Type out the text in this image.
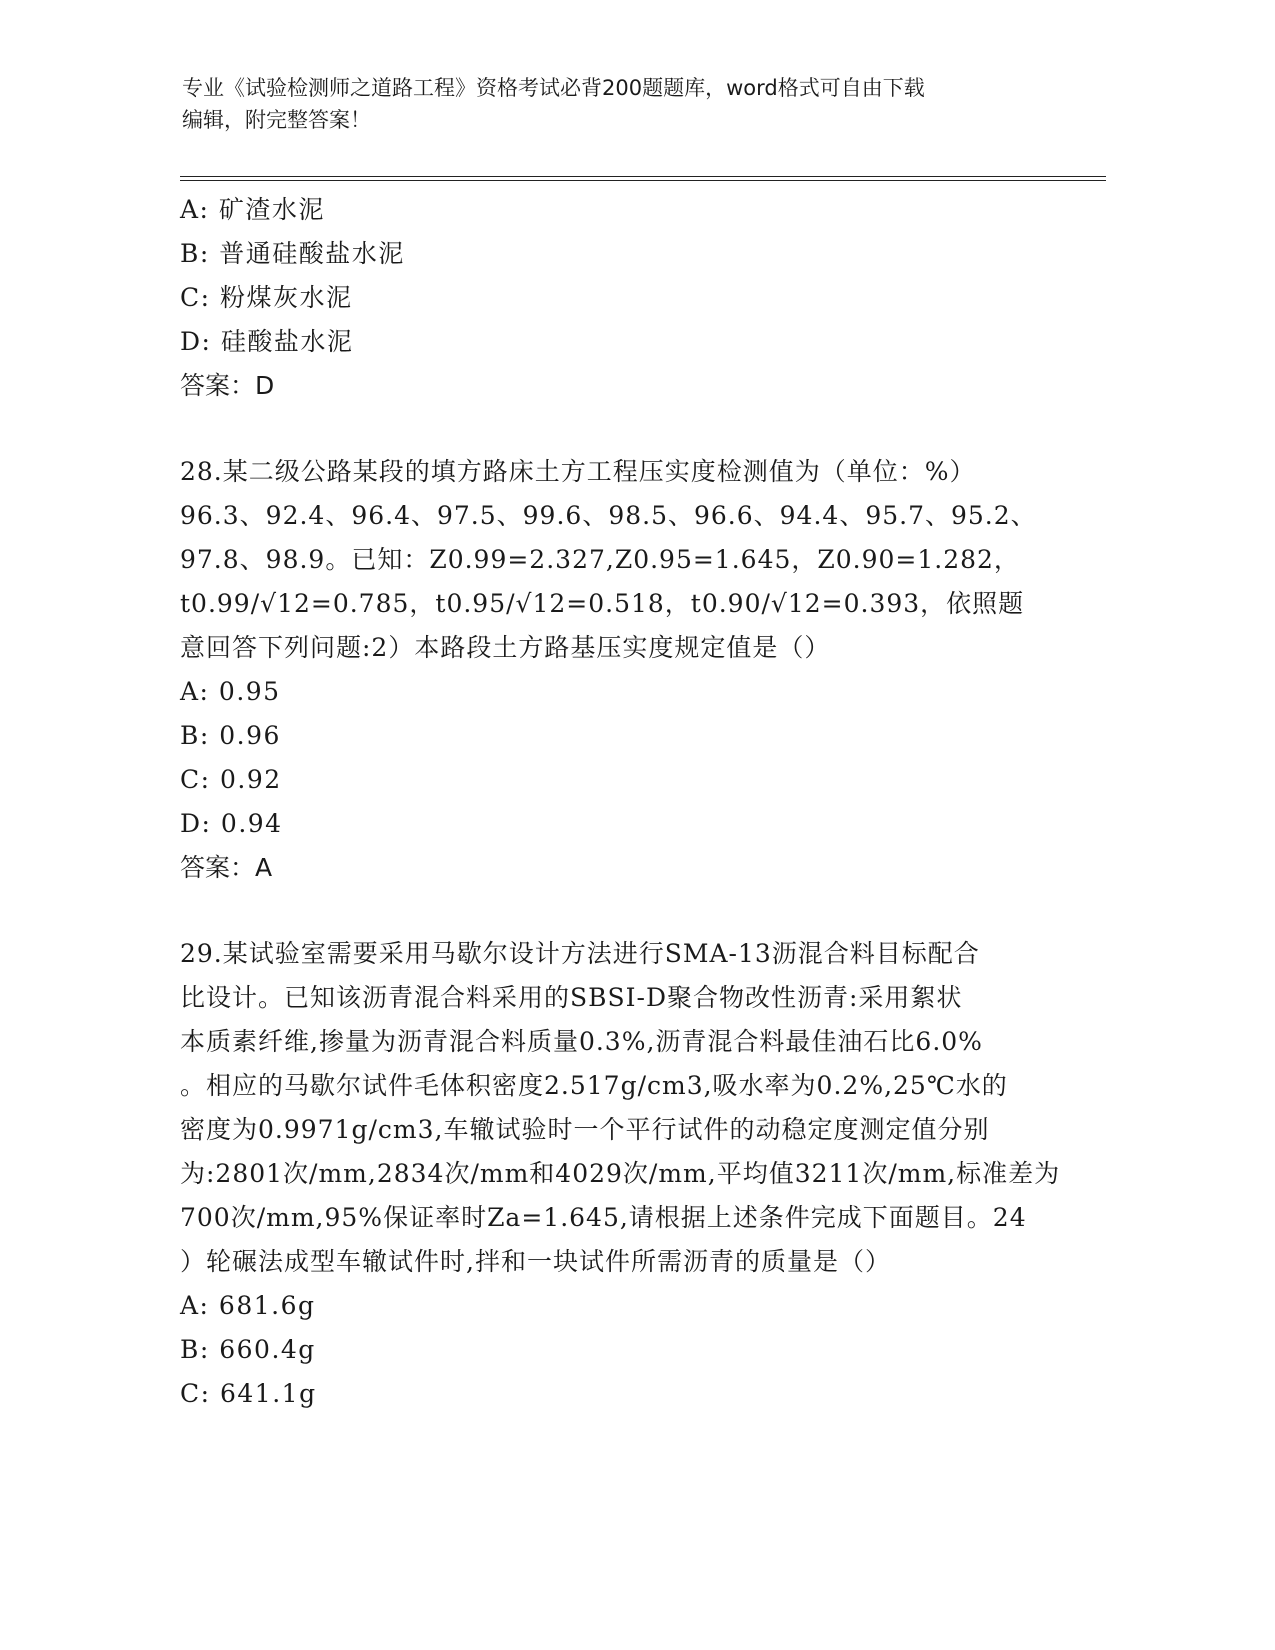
专业《试验检测师之道路工程》资格考试必背200题题库，word格式可自由下载
编辑，附完整答案！
A: 矿渣水泥
B: 普通硅酸盐水泥
C: 粉煤灰水泥
D: 硅酸盐水泥
答案：D
28.某二级公路某段的填方路床土方工程压实度检测值为（单位：%）
96.3、92.4、96.4、97.5、99.6、98.5、96.6、94.4、95.7、95.2、
97.8、98.9。已知：Z0.99=2.327,Z0.95=1.645，Z0.90=1.282，
t0.99/√12=0.785，t0.95/√12=0.518，t0.90/√12=0.393，依照题
意回答下列问题:2）本路段土方路基压实度规定值是（）
A: 0.95
B: 0.96
C: 0.92
D: 0.94
答案：A
29.某试验室需要采用马歇尔设计方法进行SMA-13沥混合料目标配合
比设计。已知该沥青混合料采用的SBSI-D聚合物改性沥青:采用絮状
本质素纤维,掺量为沥青混合料质量0.3%,沥青混合料最佳油石比6.0%
。相应的马歇尔试件毛体积密度2.517g/cm3,吸水率为0.2%,25℃水的
密度为0.9971g/cm3,车辙试验时一个平行试件的动稳定度测定值分别
为:2801次/mm,2834次/mm和4029次/mm,平均值3211次/mm,标准差为
700次/mm,95%保证率时Za=1.645,请根据上述条件完成下面题目。24
）轮碾法成型车辙试件时,拌和一块试件所需沥青的质量是（）
A: 681.6g
B: 660.4g
C: 641.1g
